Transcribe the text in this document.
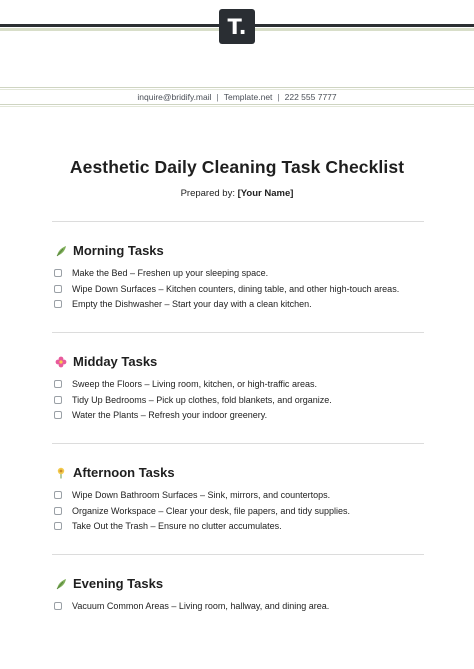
T.
inquire@bridify.mail | Template.net | 222 555 7777
Aesthetic Daily Cleaning Task Checklist
Prepared by: [Your Name]
Morning Tasks
Make the Bed – Freshen up your sleeping space.
Wipe Down Surfaces – Kitchen counters, dining table, and other high-touch areas.
Empty the Dishwasher – Start your day with a clean kitchen.
Midday Tasks
Sweep the Floors – Living room, kitchen, or high-traffic areas.
Tidy Up Bedrooms – Pick up clothes, fold blankets, and organize.
Water the Plants – Refresh your indoor greenery.
Afternoon Tasks
Wipe Down Bathroom Surfaces – Sink, mirrors, and countertops.
Organize Workspace – Clear your desk, file papers, and tidy supplies.
Take Out the Trash – Ensure no clutter accumulates.
Evening Tasks
Vacuum Common Areas – Living room, hallway, and dining area.
